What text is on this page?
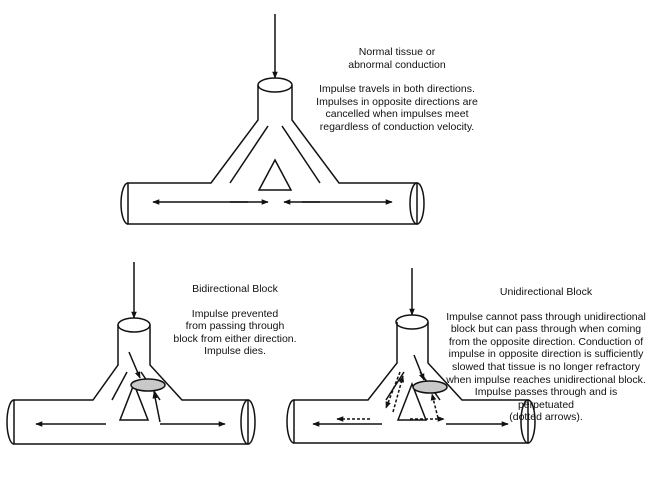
Normal tissue or
abnormal conduction
Impulse travels in both directions.
Impulses in opposite directions are
cancelled when impulses meet
regardless of conduction velocity.
Bidirectional Block
Impulse prevented
from passing through
block from either direction.
Impulse dies.
Unidirectional Block
Impulse cannot pass through unidirectional
block but can pass through when coming
from the opposite direction. Conduction of
impulse in opposite direction is sufficiently
slowed that tissue is no longer refractory
when impulse reaches unidirectional block.
Impulse passes through and is perpetuated
(dotted arrows).
